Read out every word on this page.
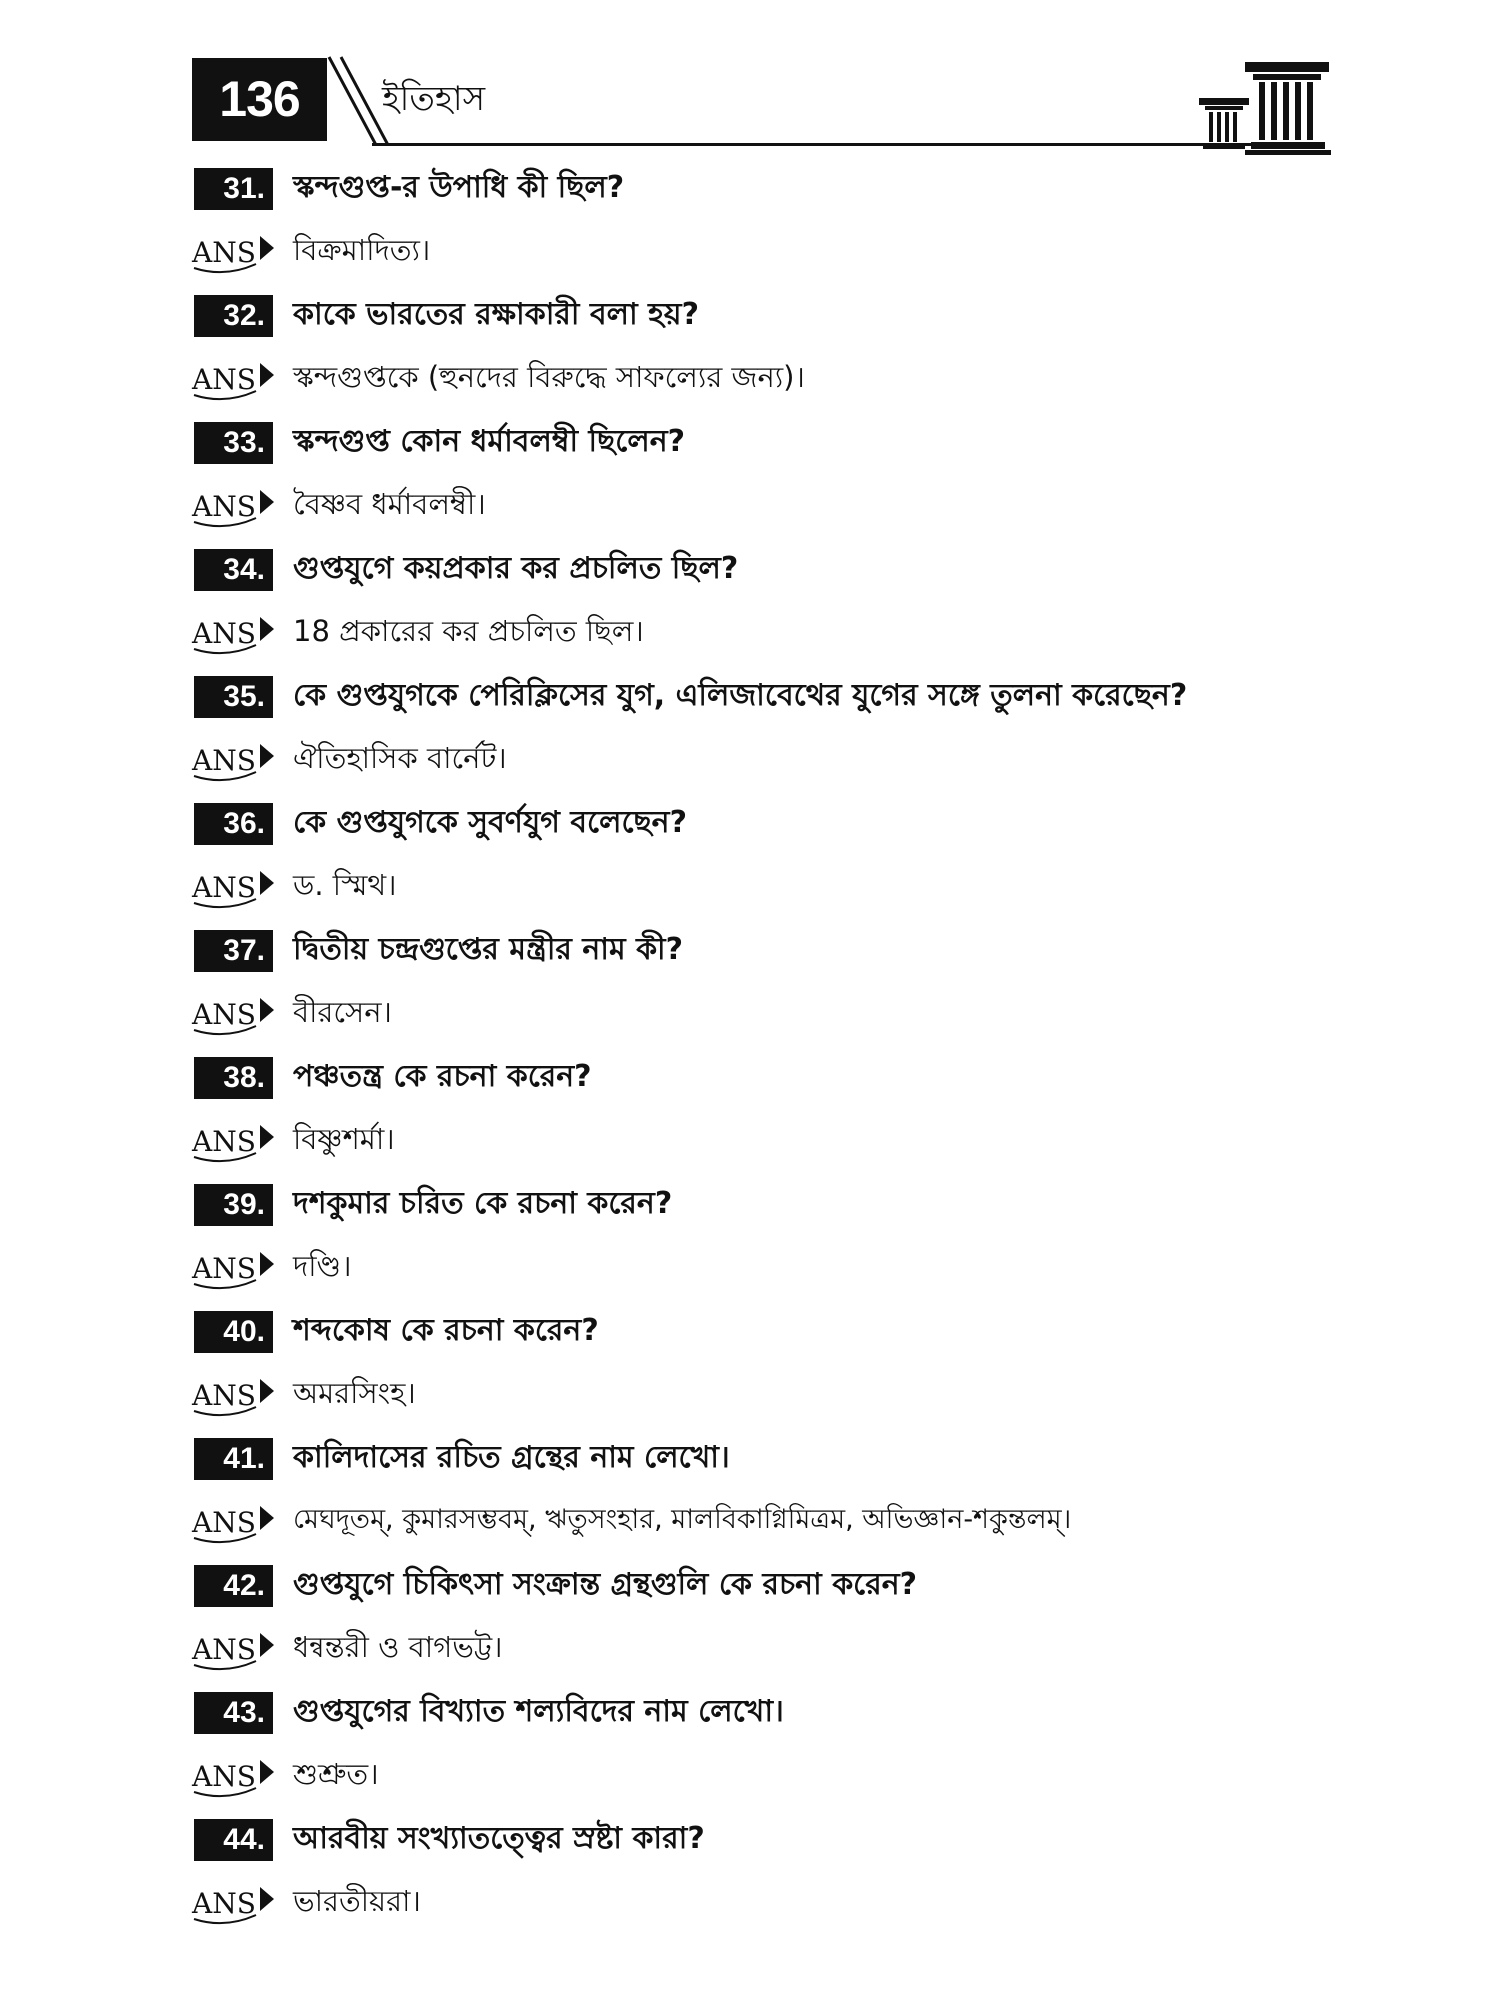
136	ইতিহাস
31. স্কন্দগুপ্ত-র উপাধি কী ছিল?
ANS বিক্রমাদিত্য।
32. কাকে ভারতের রক্ষাকারী বলা হয়?
ANS স্কন্দগুপ্তকে (হুনদের বিরুদ্ধে সাফল্যের জন্য)।
33. স্কন্দগুপ্ত কোন ধর্মাবলম্বী ছিলেন?
ANS বৈষ্ণব ধর্মাবলম্বী।
34. গুপ্তযুগে কয়প্রকার কর প্রচলিত ছিল?
ANS 18 প্রকারের কর প্রচলিত ছিল।
35. কে গুপ্তযুগকে পেরিক্লিসের যুগ, এলিজাবেথের যুগের সঙ্গে তুলনা করেছেন?
ANS ঐতিহাসিক বার্নেট।
36. কে গুপ্তযুগকে সুবর্ণযুগ বলেছেন?
ANS ড. স্মিথ।
37. দ্বিতীয় চন্দ্রগুপ্তের মন্ত্রীর নাম কী?
ANS বীরসেন।
38. পঞ্চতন্ত্র কে রচনা করেন?
ANS বিষ্ণুশর্মা।
39. দশকুমার চরিত কে রচনা করেন?
ANS দণ্ডি।
40. শব্দকোষ কে রচনা করেন?
ANS অমরসিংহ।
41. কালিদাসের রচিত গ্রন্থের নাম লেখো।
ANS মেঘদূতম্, কুমারসম্ভবম্, ঋতুসংহার, মালবিকাগ্নিমিত্রম, অভিজ্ঞান-শকুন্তলম্।
42. গুপ্তযুগে চিকিৎসা সংক্রান্ত গ্রন্থগুলি কে রচনা করেন?
ANS ধন্বন্তরী ও বাগভট্ট।
43. গুপ্তযুগের বিখ্যাত শল্যবিদের নাম লেখো।
ANS শুশ্রুত।
44. আরবীয় সংখ্যাতত্ত্বের স্রষ্টা কারা?
ANS ভারতীয়রা।
